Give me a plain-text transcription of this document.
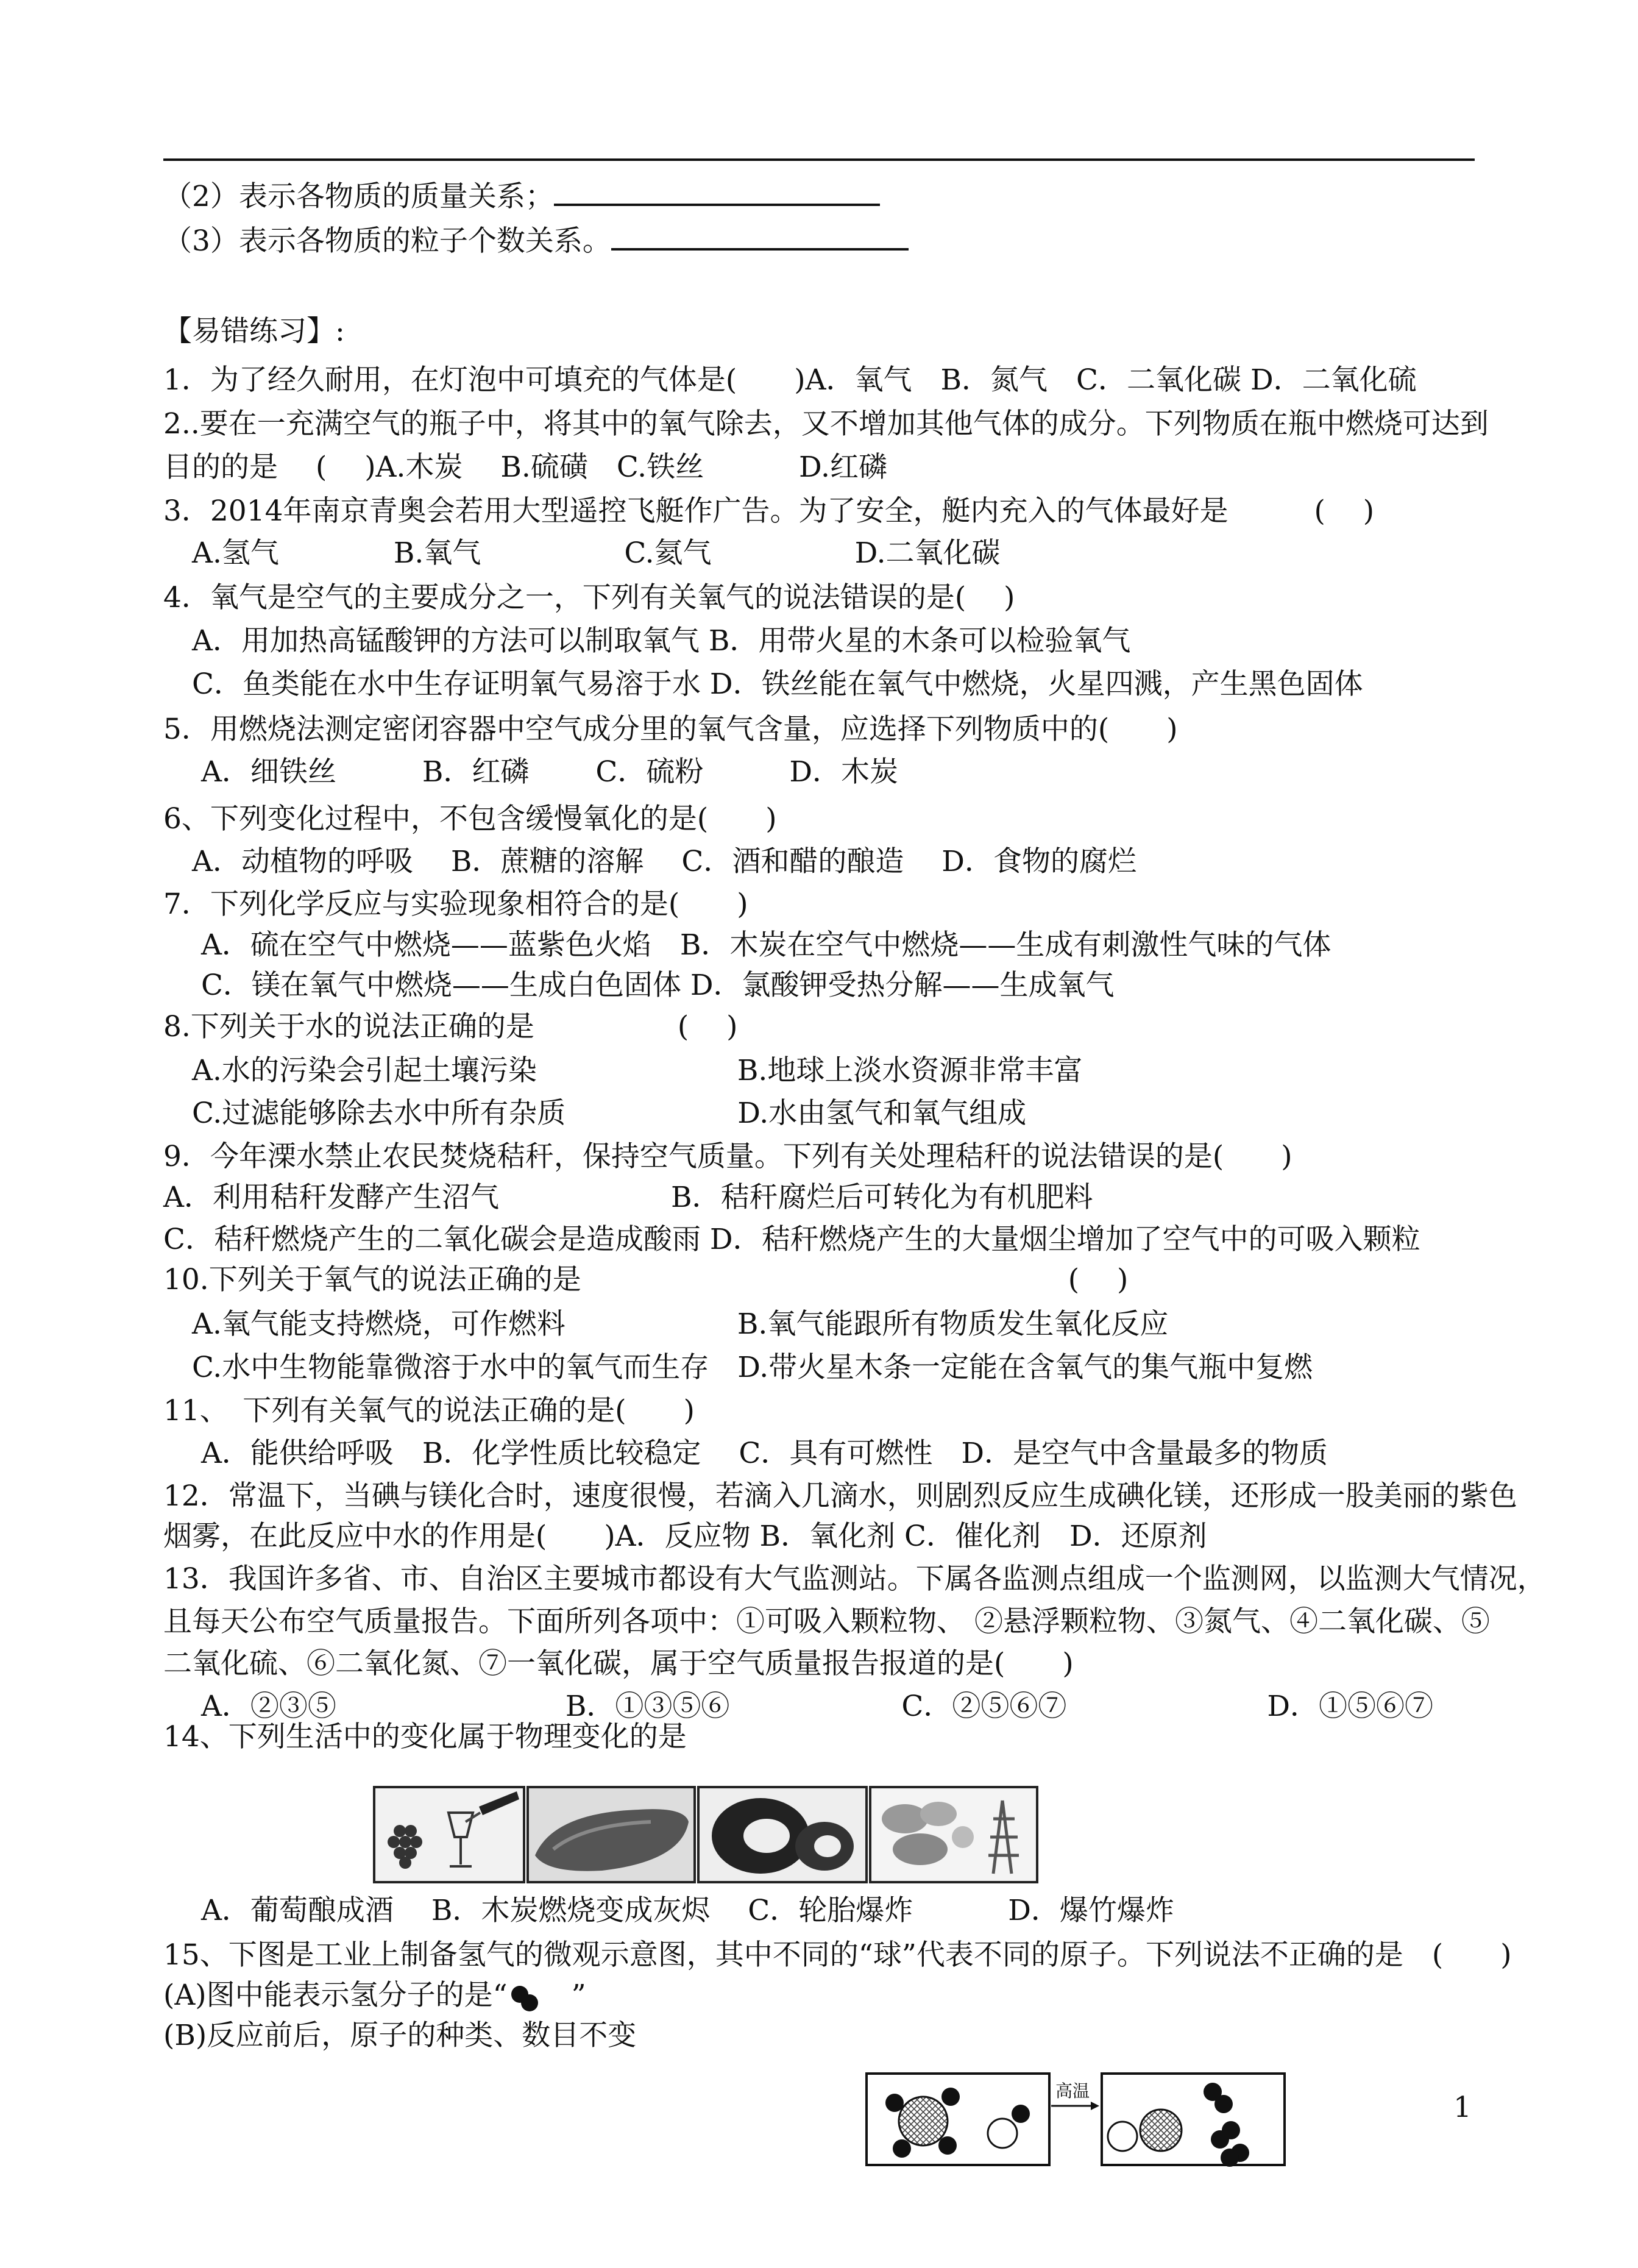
（2）表示各物质的质量关系；
（3）表示各物质的粒子个数关系。
【易错练习】:
1．为了经久耐用，在灯泡中可填充的气体是(　　)A．氧气　B．氮气　C．二氧化碳 D．二氧化硫
2..要在一充满空气的瓶子中，将其中的氧气除去，又不增加其他气体的成分。下列物质在瓶中燃烧可达到
目的的是　 (　 )A.木炭　 B.硫磺　C.铁丝　　　 D.红磷
3．2014年南京青奥会若用大型遥控飞艇作广告。为了安全，艇内充入的气体最好是　　　(　 )
　A.氢气　　　　B.氧气　　　　　C.氦气　　　　　D.二氧化碳
4．氧气是空气的主要成分之一，下列有关氧气的说法错误的是(　 )
　A．用加热高锰酸钾的方法可以制取氧气 B．用带火星的木条可以检验氧气
　C．鱼类能在水中生存证明氧气易溶于水 D．铁丝能在氧气中燃烧，火星四溅，产生黑色固体
5．用燃烧法测定密闭容器中空气成分里的氧气含量，应选择下列物质中的(　　)
　 A．细铁丝　　　B．红磷　　 C．硫粉　　　D．木炭
6、下列变化过程中，不包含缓慢氧化的是(　　)
　A．动植物的呼吸　 B．蔗糖的溶解　 C．酒和醋的酿造　 D．食物的腐烂
7．下列化学反应与实验现象相符合的是(　　)
　 A．硫在空气中燃烧——蓝紫色火焰　B．木炭在空气中燃烧——生成有刺激性气味的气体
　 C．镁在氧气中燃烧——生成白色固体 D．氯酸钾受热分解——生成氧气
8.下列关于水的说法正确的是　　　　　(　 )
　A.水的污染会引起土壤污染　　　　　　　B.地球上淡水资源非常丰富
　C.过滤能够除去水中所有杂质　　　　　　D.水由氢气和氧气组成
9．今年溧水禁止农民焚烧秸秆，保持空气质量。下列有关处理秸秆的说法错误的是(　　)
A．利用秸秆发酵产生沼气　　　　　　B．秸秆腐烂后可转化为有机肥料
C．秸秆燃烧产生的二氧化碳会是造成酸雨 D．秸秆燃烧产生的大量烟尘增加了空气中的可吸入颗粒
10.下列关于氧气的说法正确的是　　　　　　　　　　　　　　　　　(　 )
　A.氧气能支持燃烧，可作燃料　　　　　　B.氧气能跟所有物质发生氧化反应
　C.水中生物能靠微溶于水中的氧气而生存　D.带火星木条一定能在含氧气的集气瓶中复燃
11、　下列有关氧气的说法正确的是(　　)
　 A．能供给呼吸　B．化学性质比较稳定　 C．具有可燃性　D．是空气中含量最多的物质
12．常温下，当碘与镁化合时，速度很慢，若滴入几滴水，则剧烈反应生成碘化镁，还形成一股美丽的紫色
烟雾，在此反应中水的作用是(　　)A．反应物 B．氧化剂 C．催化剂　D．还原剂
13．我国许多省、市、自治区主要城市都设有大气监测站。下属各监测点组成一个监测网，以监测大气情况，
且每天公布空气质量报告。下面所列各项中：①可吸入颗粒物、 ②悬浮颗粒物、③氮气、④二氧化碳、⑤
二氧化硫、⑥二氧化氮、⑦一氧化碳，属于空气质量报告报道的是(　　)
　 A．②③⑤　　　　　　　　B．①③⑤⑥　　　　　　C．②⑤⑥⑦　　　　　　　D．①⑤⑥⑦
14、下列生活中的变化属于物理变化的是
　 A．葡萄酿成酒　 B．木炭燃烧变成灰烬　 C．轮胎爆炸　　　 D．爆竹爆炸
15、下图是工业上制备氢气的微观示意图，其中不同的“球”代表不同的原子。下列说法不正确的是　(　　)
(A)图中能表示氢分子的是“　”
(B)反应前后，原子的种类、数目不变
高温	1
